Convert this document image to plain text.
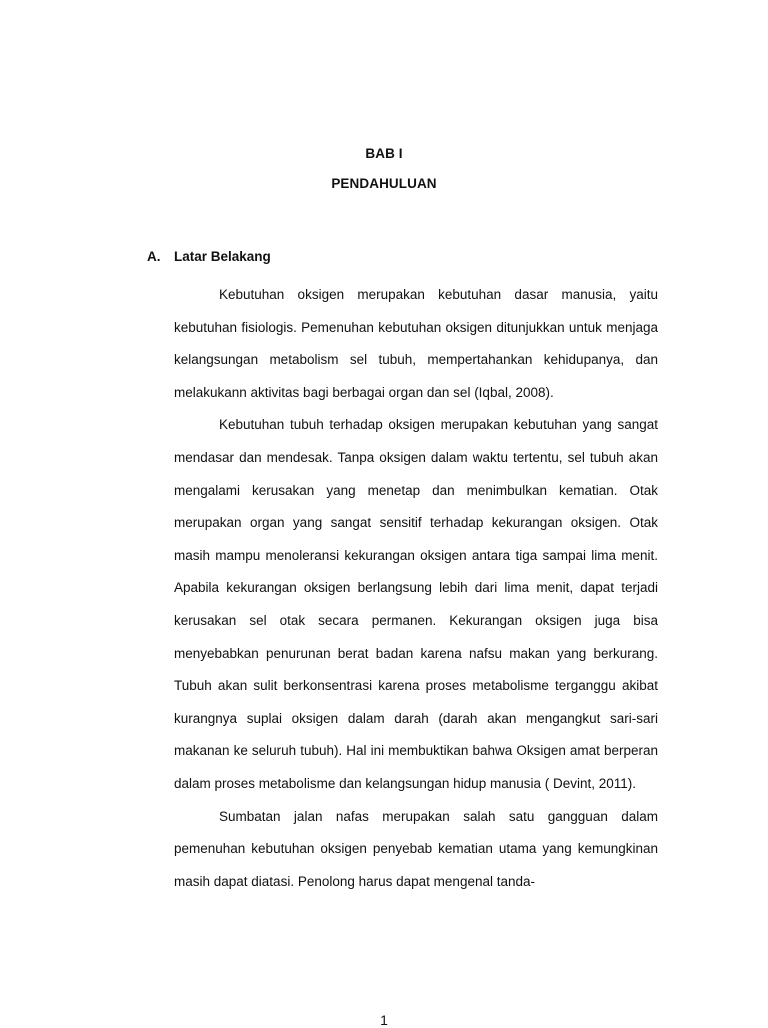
BAB I
PENDAHULUAN
A. Latar Belakang

Kebutuhan oksigen merupakan kebutuhan dasar manusia, yaitu kebutuhan fisiologis. Pemenuhan kebutuhan oksigen ditunjukkan untuk menjaga kelangsungan metabolism sel tubuh, mempertahankan kehidupanya, dan melakukann aktivitas bagi berbagai organ dan sel (Iqbal, 2008).

Kebutuhan tubuh terhadap oksigen merupakan kebutuhan yang sangat mendasar dan mendesak. Tanpa oksigen dalam waktu tertentu, sel tubuh akan mengalami kerusakan yang menetap dan menimbulkan kematian. Otak merupakan organ yang sangat sensitif terhadap kekurangan oksigen. Otak masih mampu menoleransi kekurangan oksigen antara tiga sampai lima menit. Apabila kekurangan oksigen berlangsung lebih dari lima menit, dapat terjadi kerusakan sel otak secara permanen. Kekurangan oksigen juga bisa menyebabkan penurunan berat badan karena nafsu makan yang berkurang. Tubuh akan sulit berkonsentrasi karena proses metabolisme terganggu akibat kurangnya suplai oksigen dalam darah (darah akan mengangkut sari-sari makanan ke seluruh tubuh). Hal ini membuktikan bahwa Oksigen amat berperan dalam proses metabolisme dan kelangsungan hidup manusia ( Devint, 2011).

Sumbatan jalan nafas merupakan salah satu gangguan dalam pemenuhan kebutuhan oksigen penyebab kematian utama yang kemungkinan masih dapat diatasi. Penolong harus dapat mengenal tanda-

1
